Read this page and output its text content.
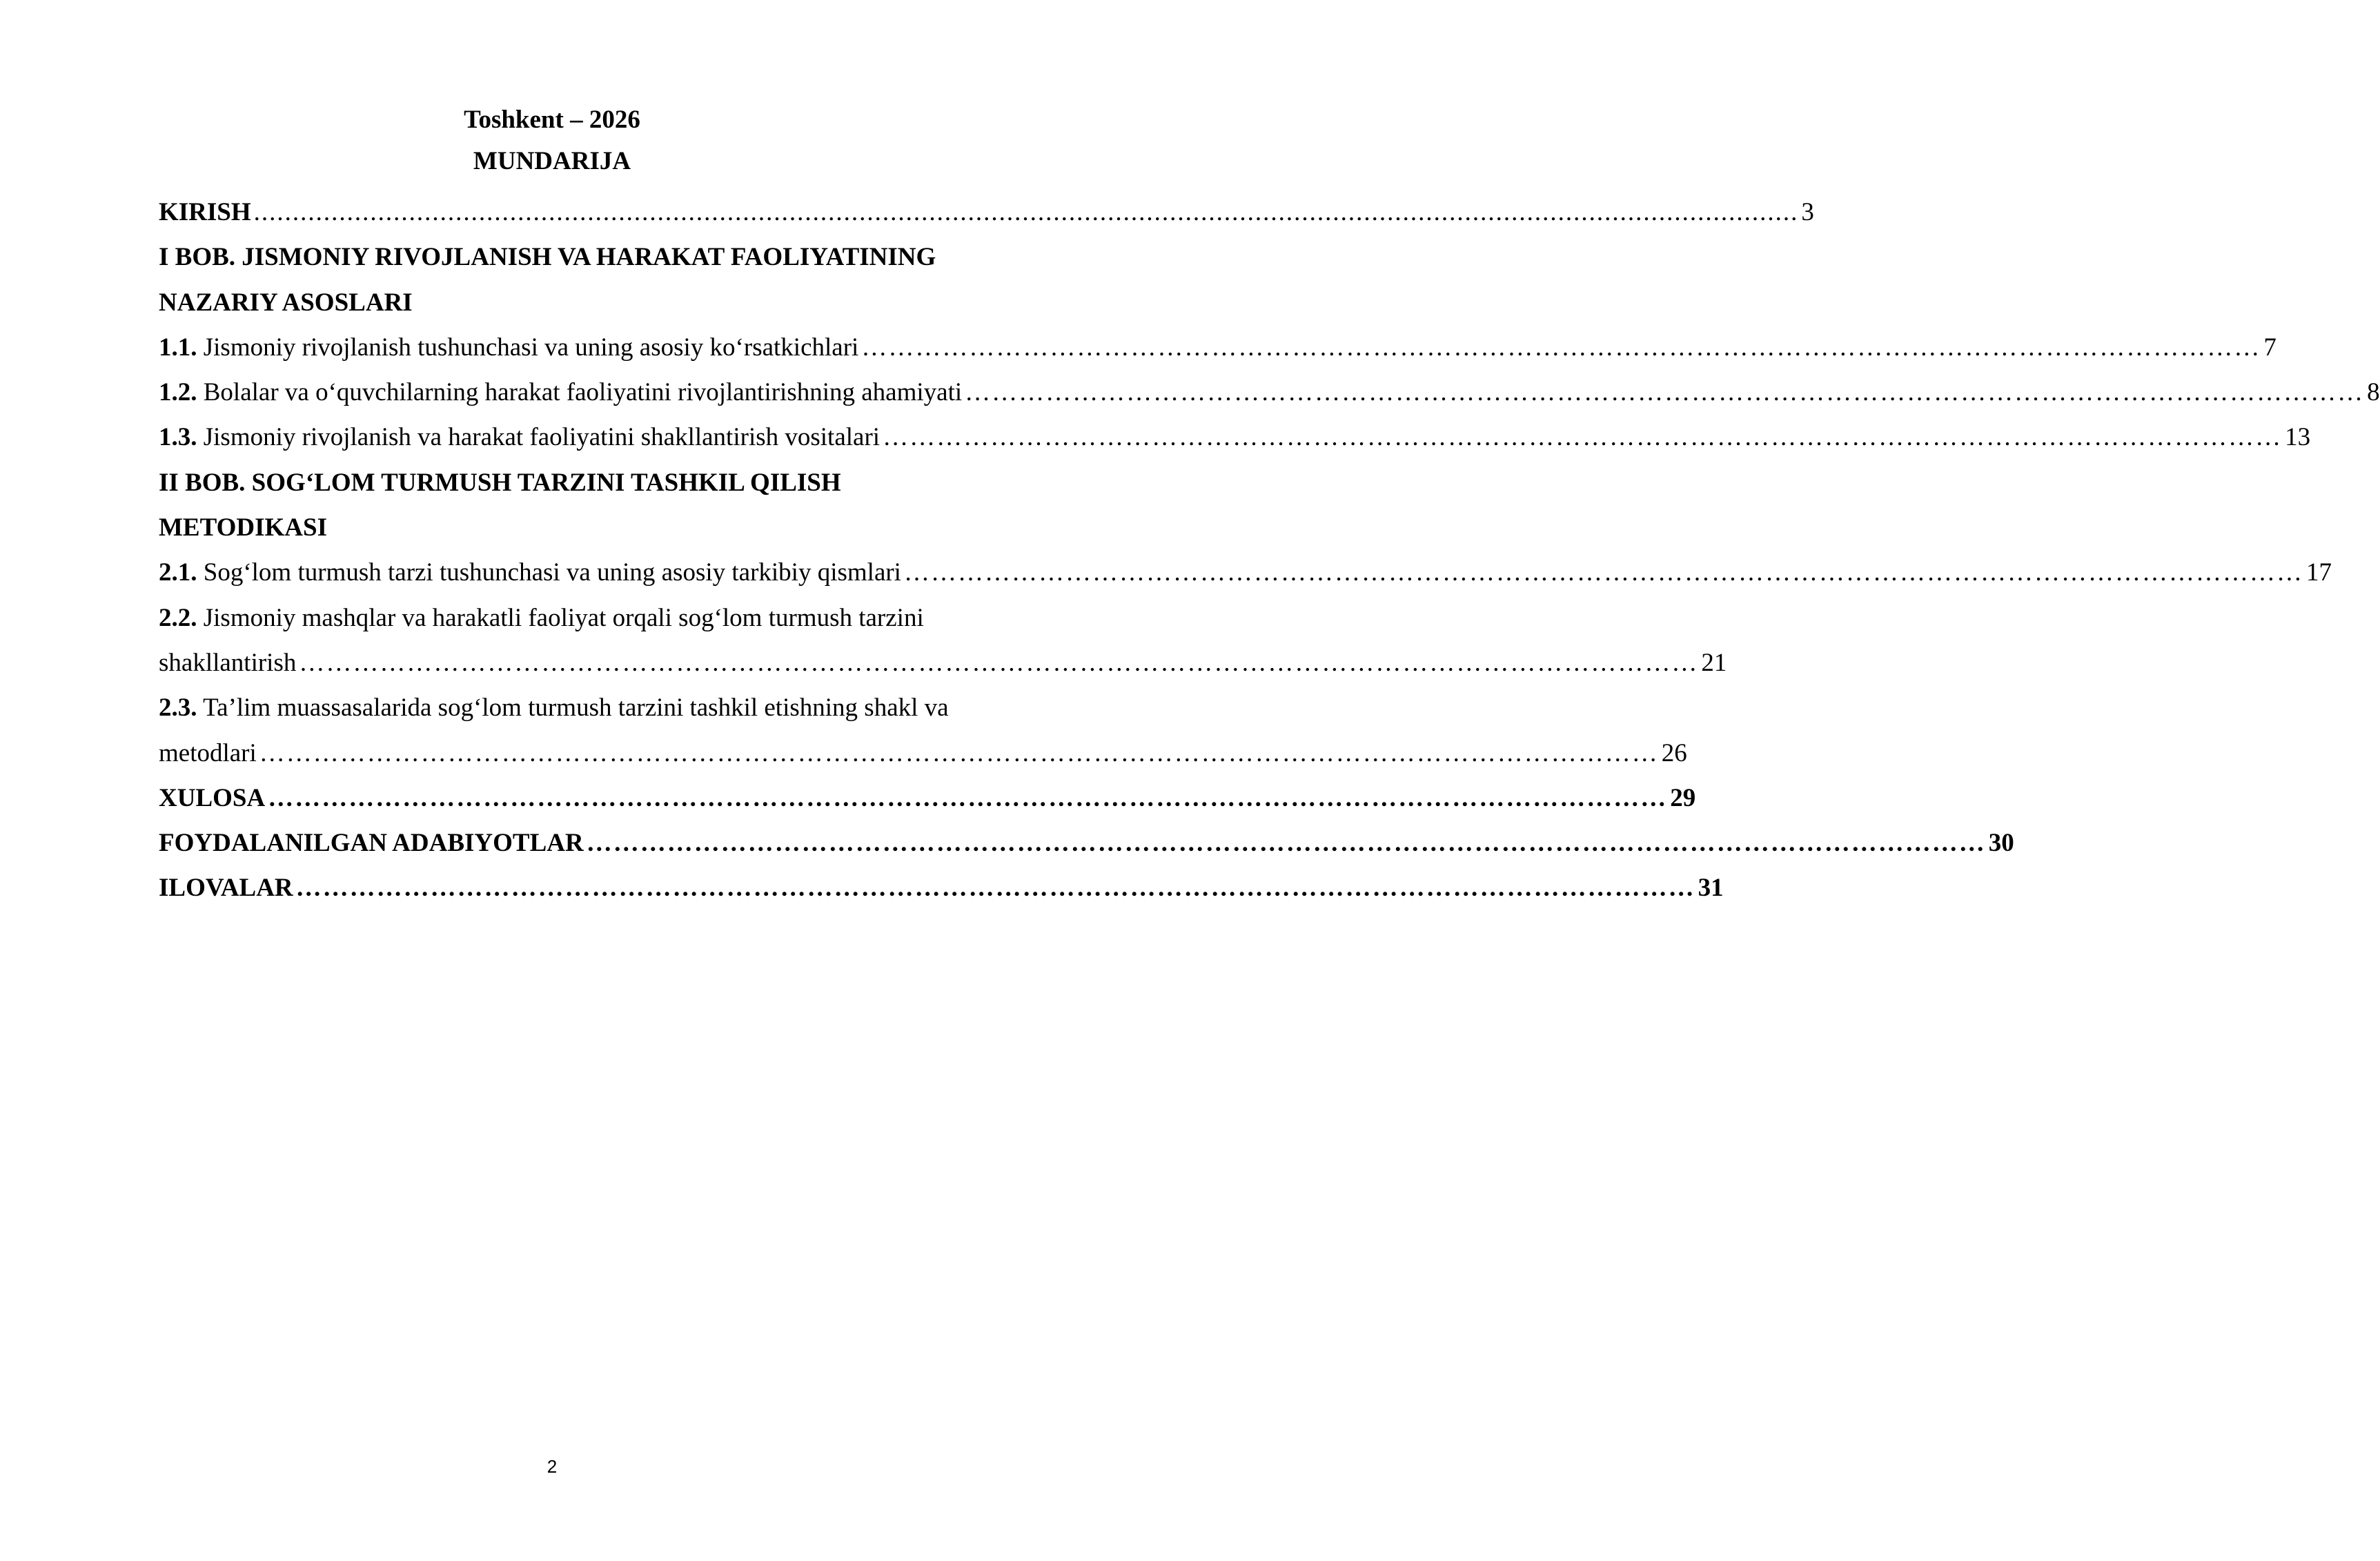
Toshkent – 2026
MUNDARIJA
KIRISH ....................................................................................................................................................................................................... 3
I BOB. JISMONIY RIVOJLANISH VA HARAKAT FAOLIYATINING
NAZARIY ASOSLARI
1.1. Jismoniy rivojlanish tushunchasi va uning asosiy koʻrsatkichlari ………………………………………………………………………………………………………………………………………… 7
1.2. Bolalar va oʻquvchilarning harakat faoliyatini rivojlantirishning ahamiyati ………………………………………………………………………………………………………………………………………… 8
1.3. Jismoniy rivojlanish va harakat faoliyatini shakllantirish vositalari ………………………………………………………………………………………………………………………………………… 13
II BOB. SOGʻLOM TURMUSH TARZINI TASHKIL QILISH
METODIKASI
2.1. Sogʻlom turmush tarzi tushunchasi va uning asosiy tarkibiy qismlari ………………………………………………………………………………………………………………………………………… 17
2.2. Jismoniy mashqlar va harakatli faoliyat orqali sogʻlom turmush tarzini
shakllantirish ………………………………………………………………………………………………………………………………………… 21
2.3. Taʼlim muassasalarida sogʻlom turmush tarzini tashkil etishning shakl va
metodlari ………………………………………………………………………………………………………………………………………… 26
XULOSA ………………………………………………………………………………………………………………………………………… 29
FOYDALANILGAN ADABIYOTLAR ………………………………………………………………………………………………………………………………………… 30
ILOVALAR ………………………………………………………………………………………………………………………………………… 31
2
